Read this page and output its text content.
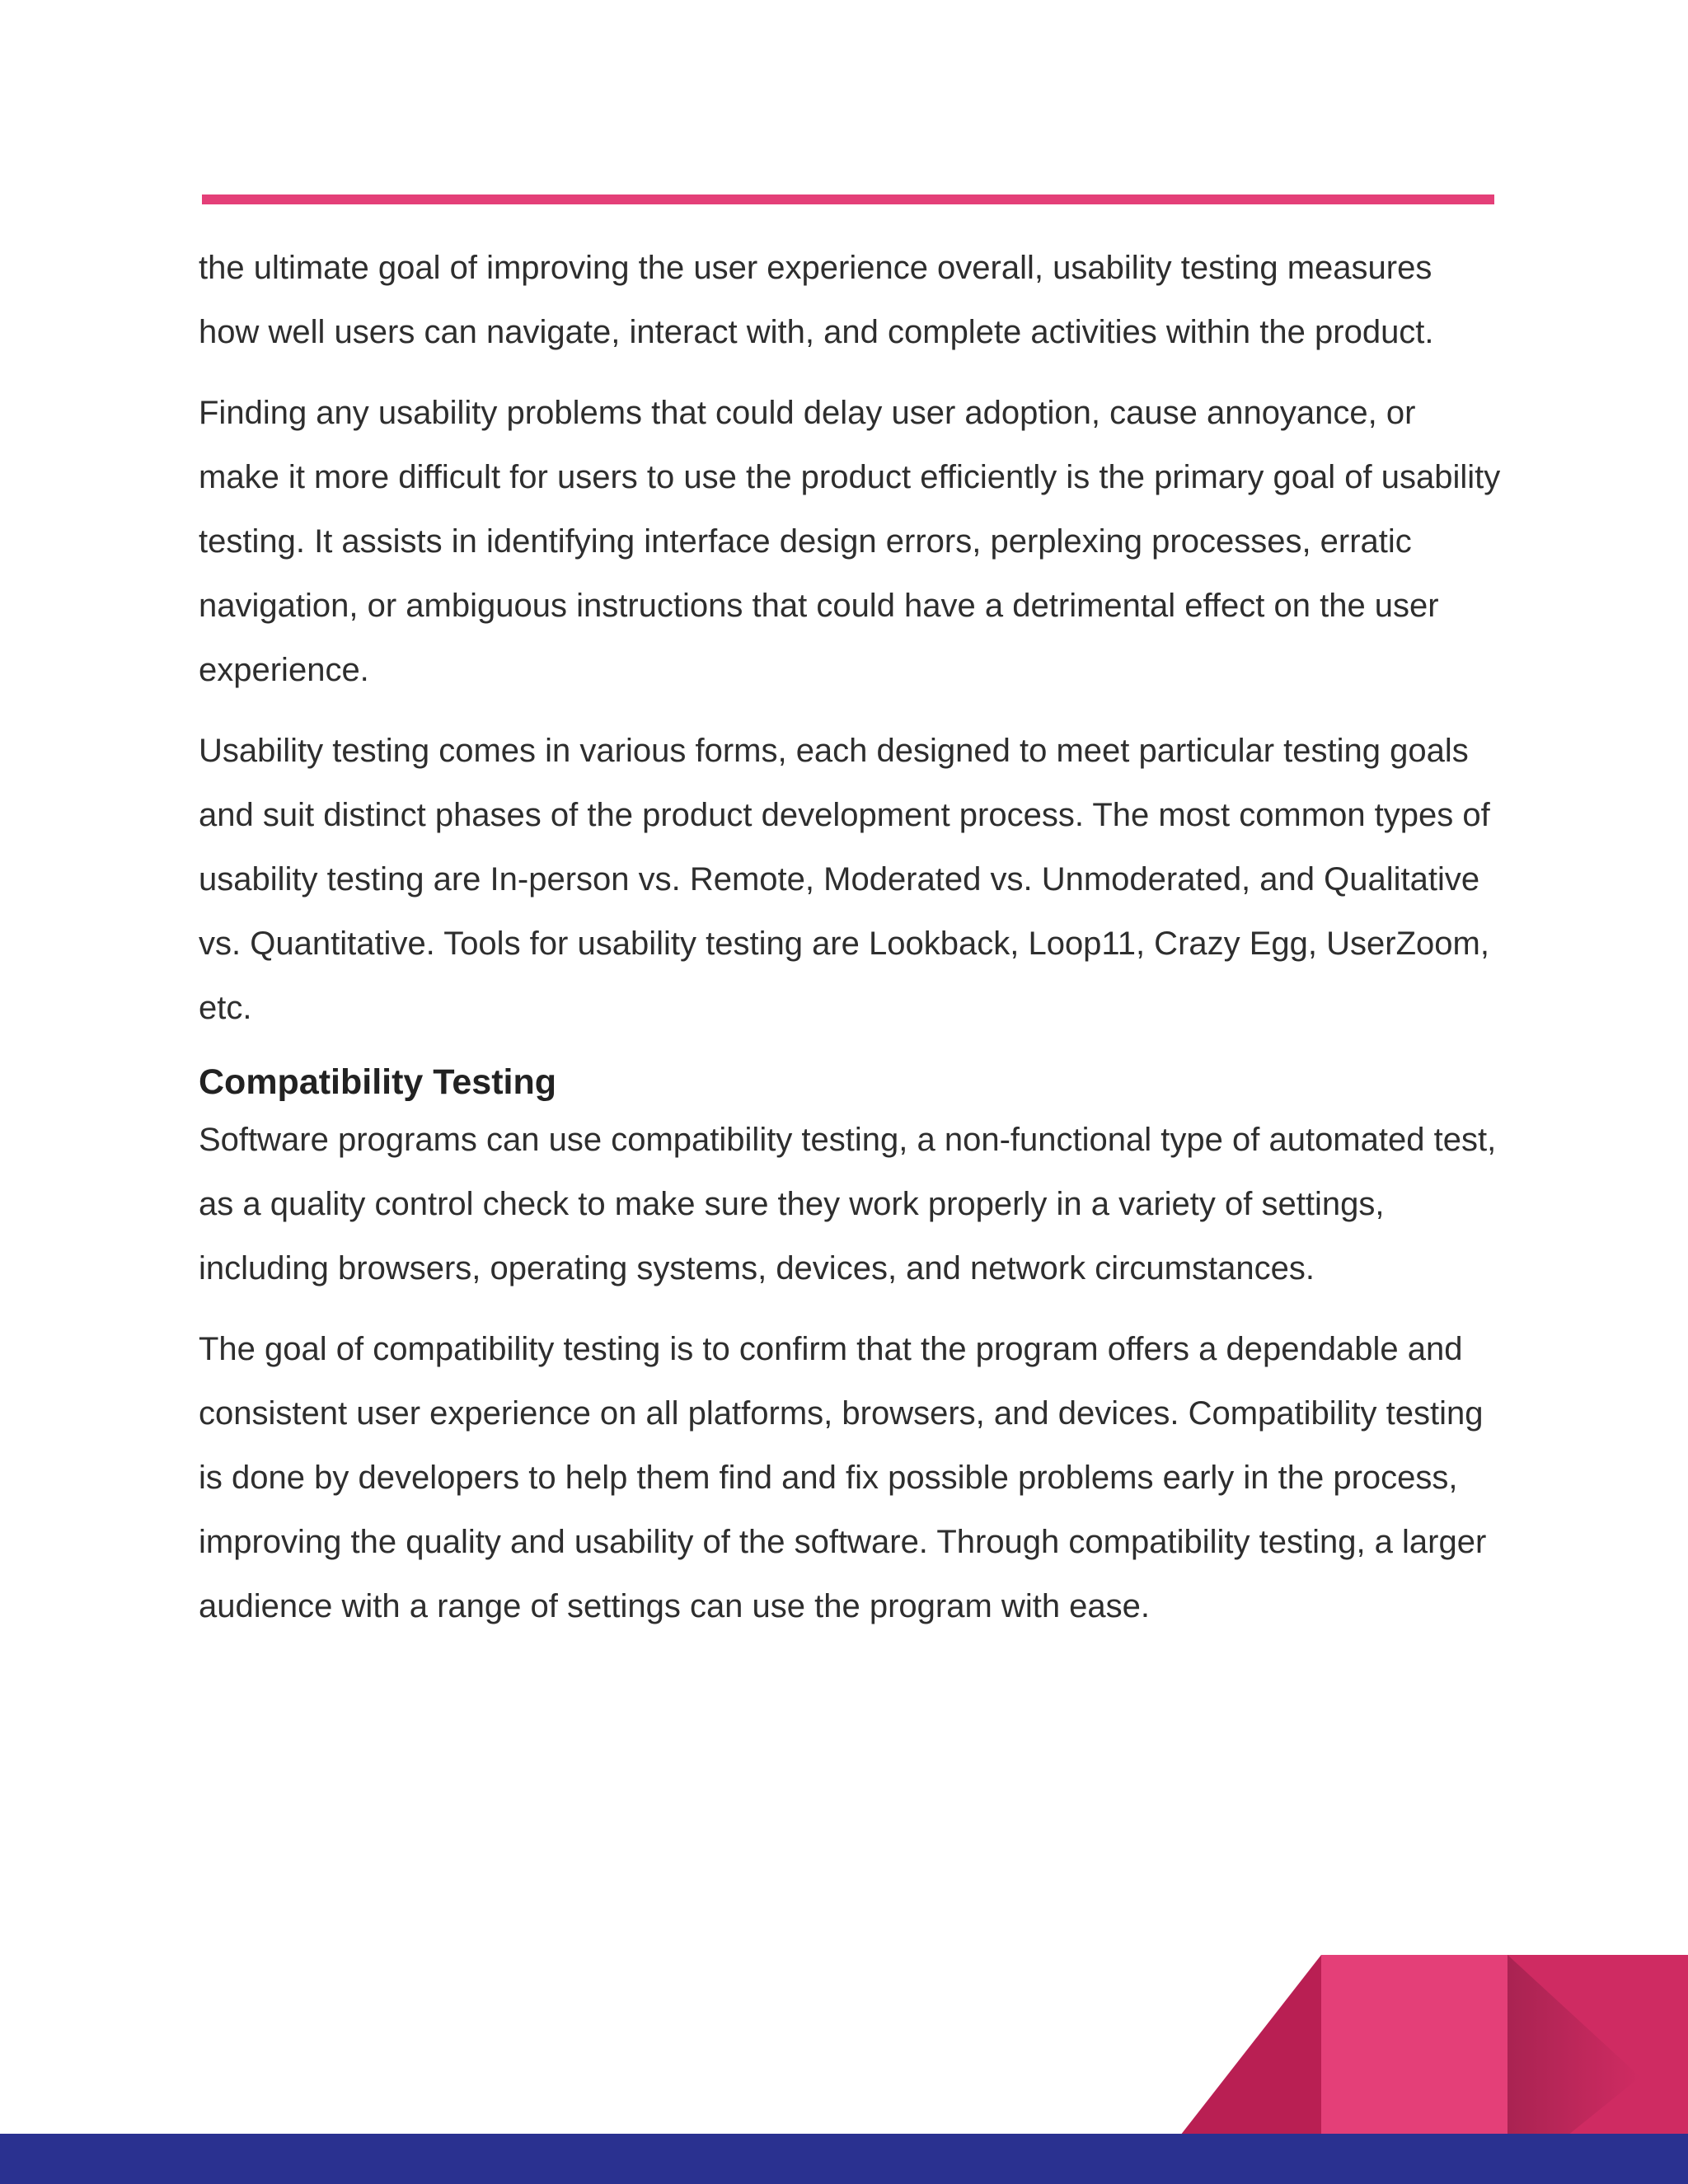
the ultimate goal of improving the user experience overall, usability testing measures how well users can navigate, interact with, and complete activities within the product.

Finding any usability problems that could delay user adoption, cause annoyance, or make it more difficult for users to use the product efficiently is the primary goal of usability testing. It assists in identifying interface design errors, perplexing processes, erratic navigation, or ambiguous instructions that could have a detrimental effect on the user experience.

Usability testing comes in various forms, each designed to meet particular testing goals and suit distinct phases of the product development process. The most common types of usability testing are In-person vs. Remote, Moderated vs. Unmoderated, and Qualitative vs. Quantitative. Tools for usability testing are Lookback, Loop11, Crazy Egg, UserZoom, etc.

Compatibility Testing

Software programs can use compatibility testing, a non-functional type of automated test, as a quality control check to make sure they work properly in a variety of settings, including browsers, operating systems, devices, and network circumstances.

The goal of compatibility testing is to confirm that the program offers a dependable and consistent user experience on all platforms, browsers, and devices. Compatibility testing is done by developers to help them find and fix possible problems early in the process, improving the quality and usability of the software. Through compatibility testing, a larger audience with a range of settings can use the program with ease.
